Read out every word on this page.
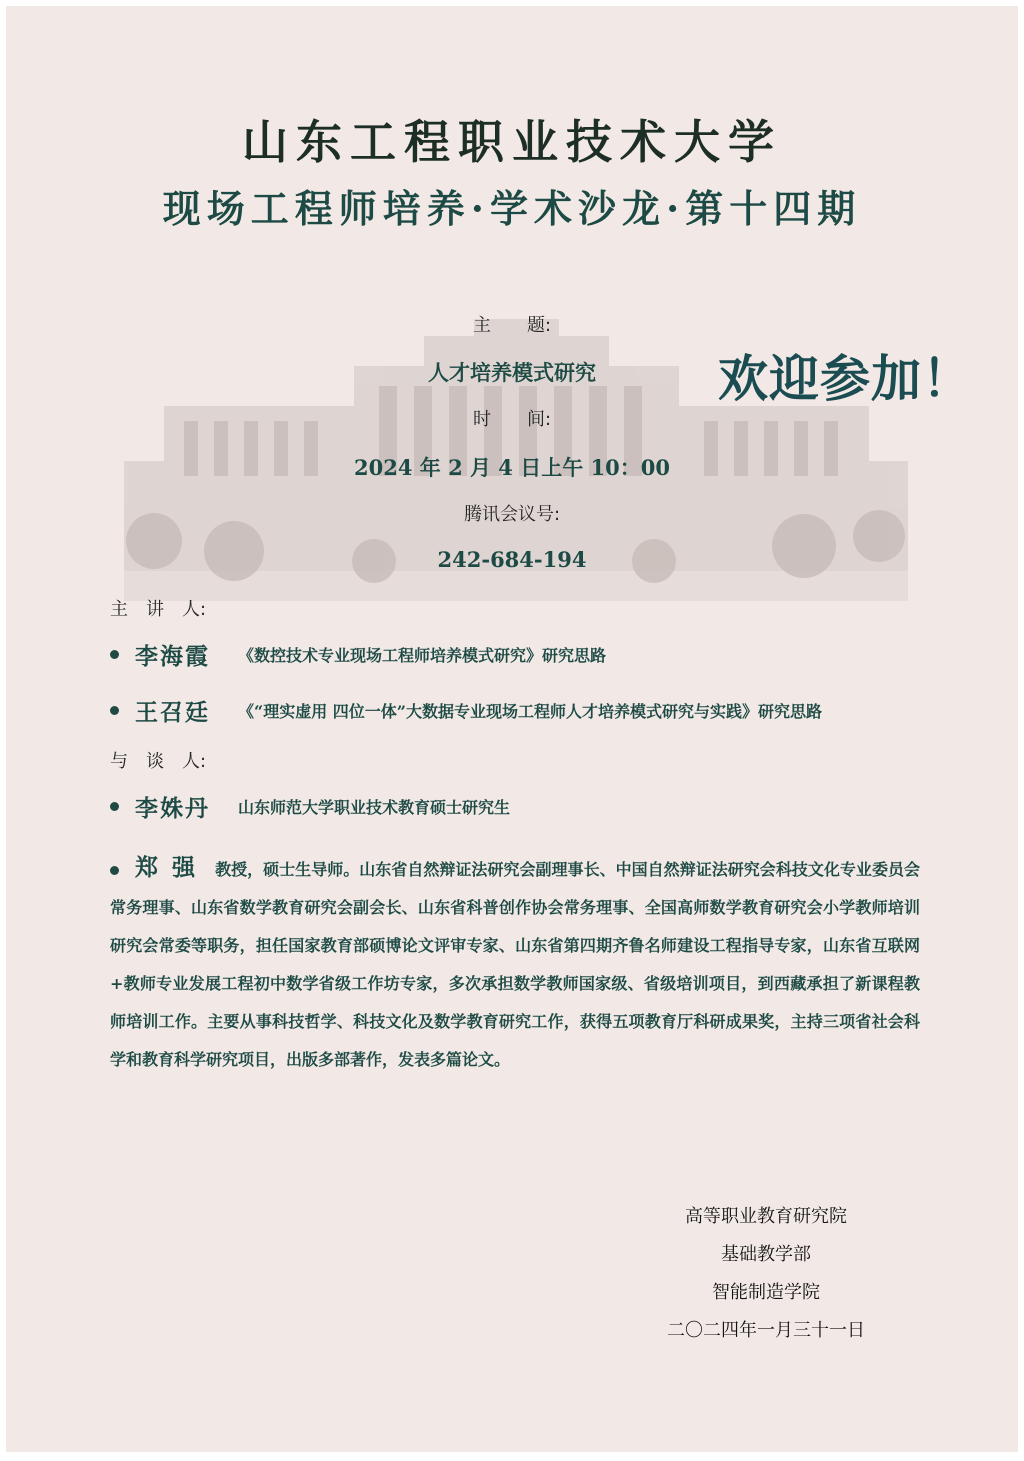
山东工程职业技术大学
现场工程师培养·学术沙龙·第十四期
主　　题:
人才培养模式研究
时　　间:
2024 年 2 月 4 日上午 10：00
腾讯会议号:
242-684-194
欢迎参加！
主　讲　人:
李海霞 《数控技术专业现场工程师培养模式研究》研究思路
王召廷 《“理实虚用 四位一体”大数据专业现场工程师人才培养模式研究与实践》研究思路
与　谈　人:
李姝丹 山东师范大学职业技术教育硕士研究生
郑强 教授，硕士生导师。山东省自然辩证法研究会副理事长、中国自然辩证法研究会科技文化专业委员会常务理事、山东省数学教育研究会副会长、山东省科普创作协会常务理事、全国高师数学教育研究会小学教师培训研究会常委等职务，担任国家教育部硕博论文评审专家、山东省第四期齐鲁名师建设工程指导专家，山东省互联网+教师专业发展工程初中数学省级工作坊专家，多次承担数学教师国家级、省级培训项目，到西藏承担了新课程教师培训工作。主要从事科技哲学、科技文化及数学教育研究工作，获得五项教育厅科研成果奖，主持三项省社会科学和教育科学研究项目，出版多部著作，发表多篇论文。
高等职业教育研究院
基础教学部
智能制造学院
二〇二四年一月三十一日
